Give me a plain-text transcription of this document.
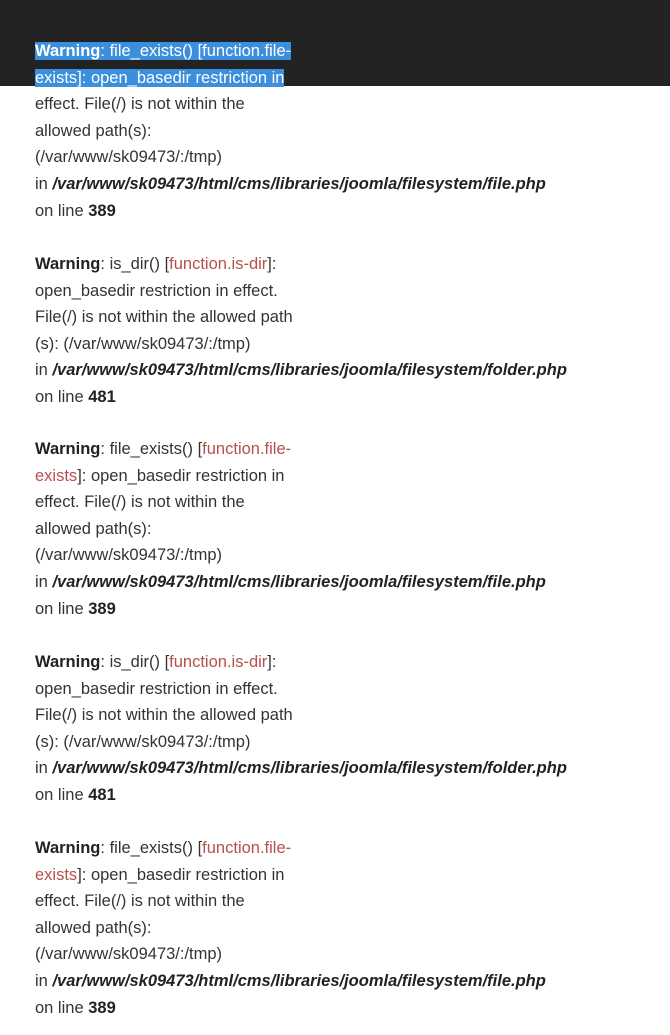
Warning: file_exists() [function.file-
exists]: open_basedir restriction in
effect. File(/) is not within the
allowed path(s):
(/var/www/sk09473/:/tmp)
in /var/www/sk09473/html/cms/libraries/joomla/filesystem/file.php
on line 389
Warning: is_dir() [function.is-dir]:
open_basedir restriction in effect.
File(/) is not within the allowed path
(s): (/var/www/sk09473/:/tmp)
in /var/www/sk09473/html/cms/libraries/joomla/filesystem/folder.php
on line 481
Warning: file_exists() [function.file-
exists]: open_basedir restriction in
effect. File(/) is not within the
allowed path(s):
(/var/www/sk09473/:/tmp)
in /var/www/sk09473/html/cms/libraries/joomla/filesystem/file.php
on line 389
Warning: is_dir() [function.is-dir]:
open_basedir restriction in effect.
File(/) is not within the allowed path
(s): (/var/www/sk09473/:/tmp)
in /var/www/sk09473/html/cms/libraries/joomla/filesystem/folder.php
on line 481
Warning: file_exists() [function.file-
exists]: open_basedir restriction in
effect. File(/) is not within the
allowed path(s):
(/var/www/sk09473/:/tmp)
in /var/www/sk09473/html/cms/libraries/joomla/filesystem/file.php
on line 389
